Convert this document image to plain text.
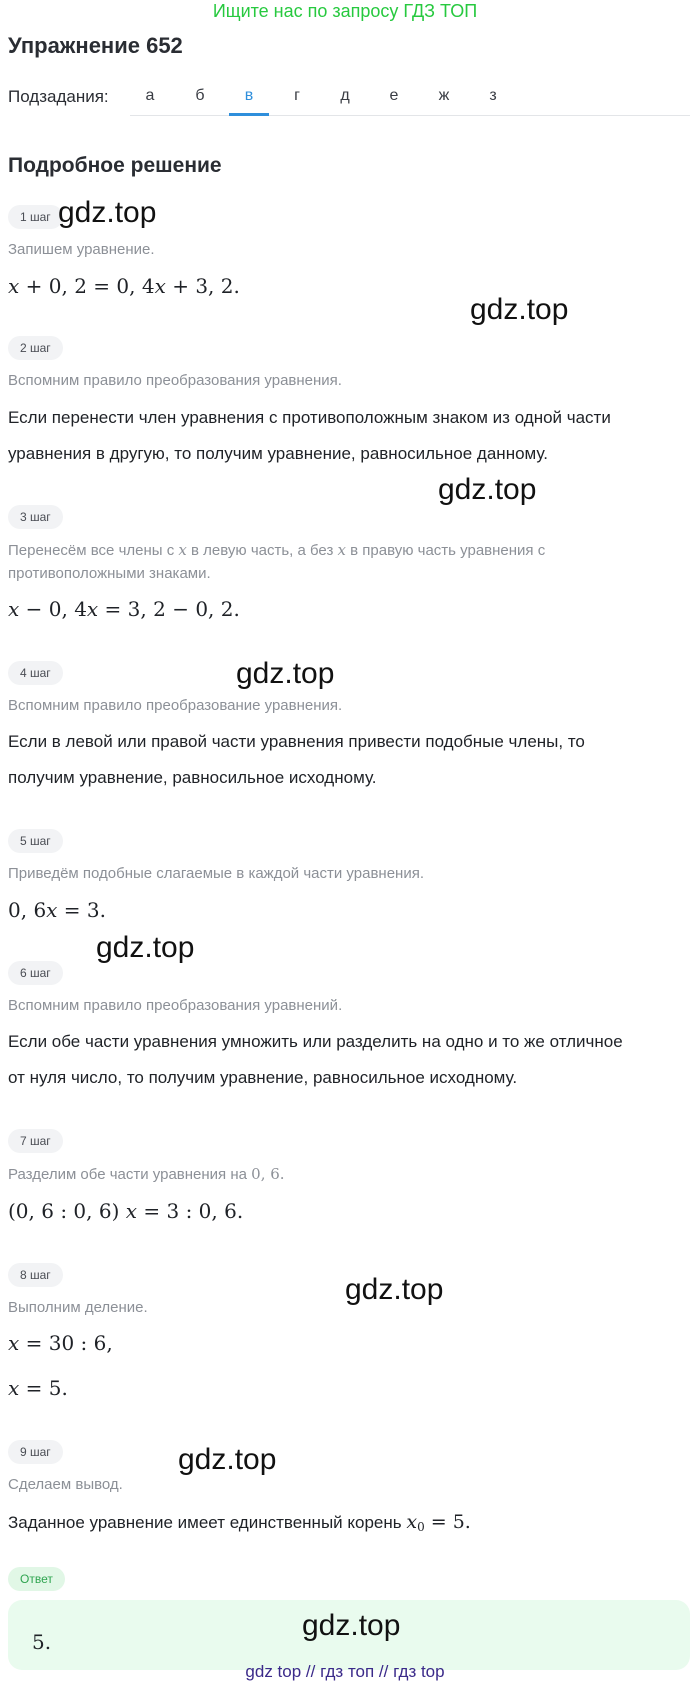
Ищите нас по запросу ГДЗ ТОП
Упражнение 652
Подзадания:	а	б	в	г	д	е	ж	з
Подробное решение
1 шаг gdz.top
Запишем уравнение.
x + 0, 2 = 0, 4x + 3, 2.
gdz.top
2 шаг
Вспомним правило преобразования уравнения.
Если перенести член уравнения с противоположным знаком из одной части
уравнения в другую, то получим уравнение, равносильное данному.
gdz.top
3 шаг
Перенесём все члены с x в левую часть, а без x в правую часть уравнения с
противоположными знаками.
x − 0, 4x = 3, 2 − 0, 2.
gdz.top
4 шаг
Вспомним правило преобразование уравнения.
Если в левой или правой части уравнения привести подобные члены, то
получим уравнение, равносильное исходному.
5 шаг
Приведём подобные слагаемые в каждой части уравнения.
0, 6x = 3.
gdz.top
6 шаг
Вспомним правило преобразования уравнений.
Если обе части уравнения умножить или разделить на одно и то же отличное
от нуля число, то получим уравнение, равносильное исходному.
7 шаг
Разделим обе части уравнения на 0, 6.
(0, 6 : 0, 6) x = 3 : 0, 6.
gdz.top
8 шаг
Выполним деление.
x = 30 : 6,
x = 5.
9 шаг	gdz.top
Сделаем вывод.
Заданное уравнение имеет единственный корень $x_0 = 5$.
Ответ
5.	gdz.top
gdz top // гдз топ // гдз top
